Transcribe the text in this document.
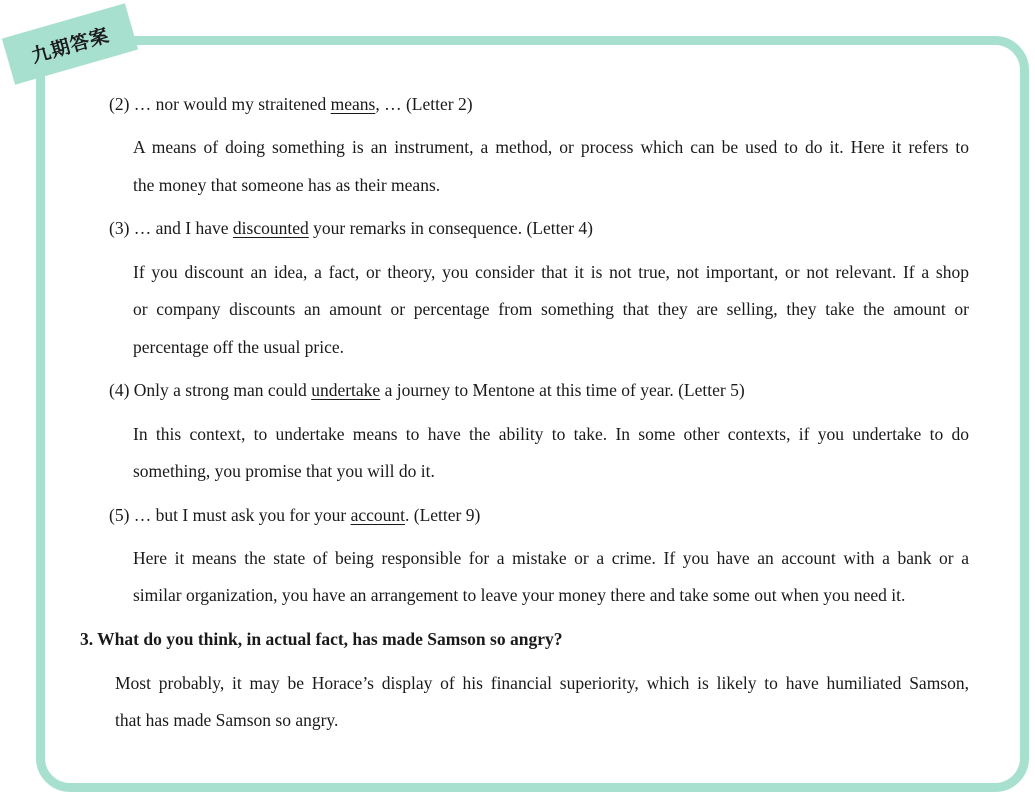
九期答案
(2) … nor would my straitened means, … (Letter 2)
A means of doing something is an instrument, a method, or process which can be used to do it. Here it refers to
the money that someone has as their means.
(3) … and I have discounted your remarks in consequence. (Letter 4)
If you discount an idea, a fact, or theory, you consider that it is not true, not important, or not relevant. If a shop
or company discounts an amount or percentage from something that they are selling, they take the amount or
percentage off the usual price.
(4) Only a strong man could undertake a journey to Mentone at this time of year. (Letter 5)
In this context, to undertake means to have the ability to take. In some other contexts, if you undertake to do
something, you promise that you will do it.
(5) … but I must ask you for your account. (Letter 9)
Here it means the state of being responsible for a mistake or a crime. If you have an account with a bank or a
similar organization, you have an arrangement to leave your money there and take some out when you need it.
3. What do you think, in actual fact, has made Samson so angry?
Most probably, it may be Horace’s display of his financial superiority, which is likely to have humiliated Samson,
that has made Samson so angry.
